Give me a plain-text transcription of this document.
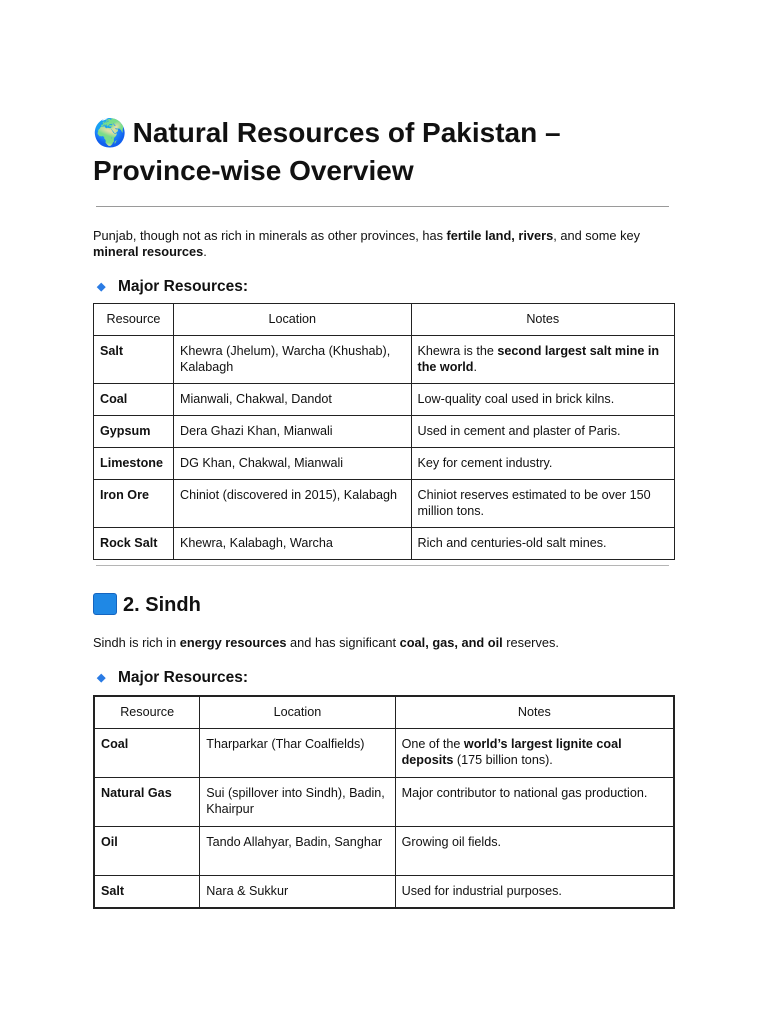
🌍 Natural Resources of Pakistan – Province-wise Overview

Punjab, though not as rich in minerals as other provinces, has fertile land, rivers, and some key mineral resources.

◆ Major Resources:
Resource	Location	Notes
Salt	Khewra (Jhelum), Warcha (Khushab), Kalabagh	Khewra is the second largest salt mine in the world.
Coal	Mianwali, Chakwal, Dandot	Low-quality coal used in brick kilns.
Gypsum	Dera Ghazi Khan, Mianwali	Used in cement and plaster of Paris.
Limestone	DG Khan, Chakwal, Mianwali	Key for cement industry.
Iron Ore	Chiniot (discovered in 2015), Kalabagh	Chiniot reserves estimated to be over 150 million tons.
Rock Salt	Khewra, Kalabagh, Warcha	Rich and centuries-old salt mines.
2. Sindh

Sindh is rich in energy resources and has significant coal, gas, and oil reserves.

◆ Major Resources:
Resource	Location	Notes
Coal	Tharparkar (Thar Coalfields)	One of the world’s largest lignite coal deposits (175 billion tons).
Natural Gas	Sui (spillover into Sindh), Badin, Khairpur	Major contributor to national gas production.
Oil	Tando Allahyar, Badin, Sanghar	Growing oil fields.
Salt	Nara & Sukkur	Used for industrial purposes.
